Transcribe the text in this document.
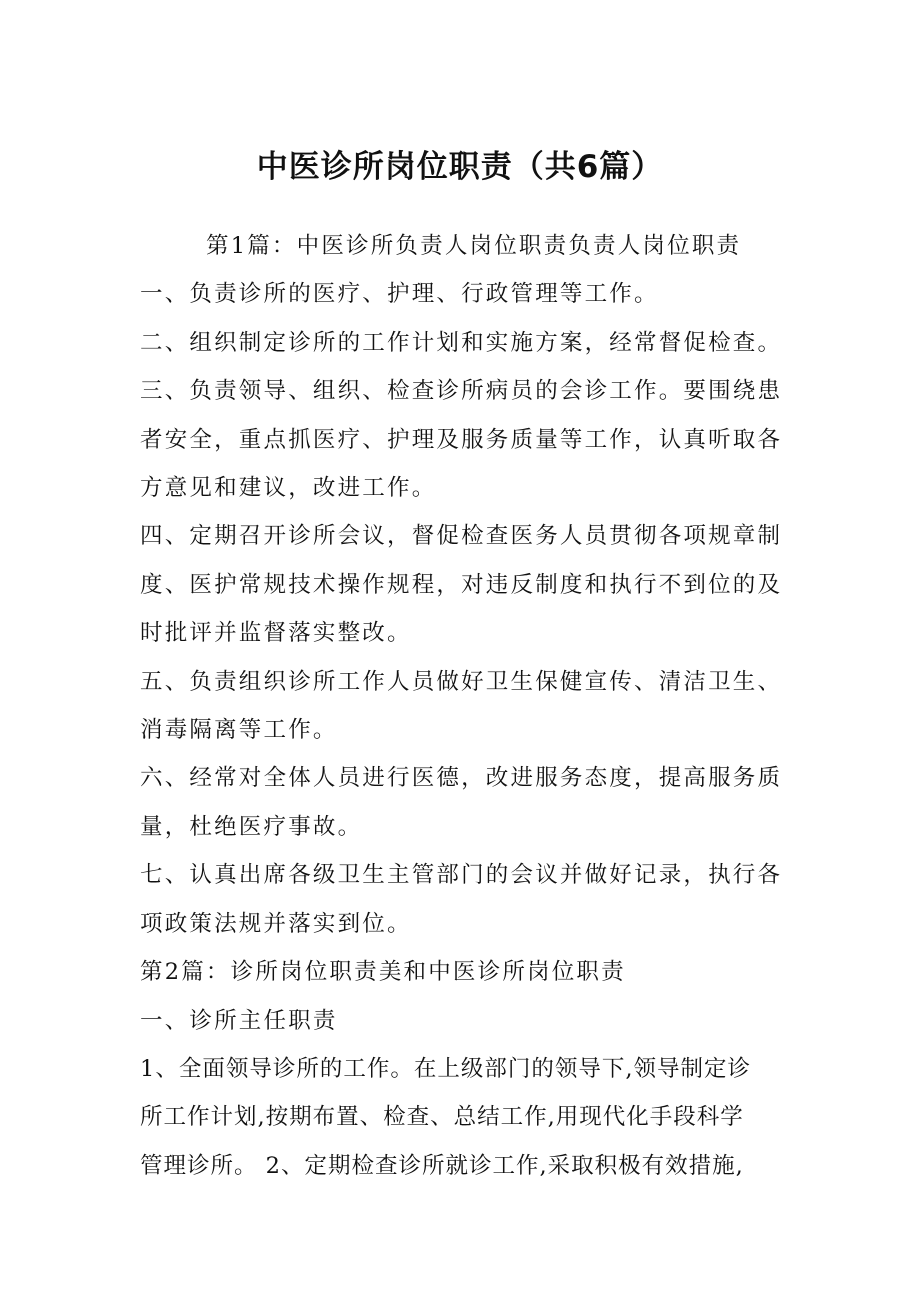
中医诊所岗位职责（共6篇）

第1篇：中医诊所负责人岗位职责负责人岗位职责

一、负责诊所的医疗、护理、行政管理等工作。

二、组织制定诊所的工作计划和实施方案，经常督促检查。

三、负责领导、组织、检查诊所病员的会诊工作。要围绕患

者安全，重点抓医疗、护理及服务质量等工作，认真听取各

方意见和建议，改进工作。

四、定期召开诊所会议，督促检查医务人员贯彻各项规章制

度、医护常规技术操作规程，对违反制度和执行不到位的及

时批评并监督落实整改。

五、负责组织诊所工作人员做好卫生保健宣传、清洁卫生、

消毒隔离等工作。

六、经常对全体人员进行医德，改进服务态度，提高服务质

量，杜绝医疗事故。

七、认真出席各级卫生主管部门的会议并做好记录，执行各

项政策法规并落实到位。

第2篇：诊所岗位职责美和中医诊所岗位职责

一、诊所主任职责

1、全面领导诊所的工作。在上级部门的领导下,领导制定诊

所工作计划,按期布置、检查、总结工作,用现代化手段科学

管理诊所。 2、定期检查诊所就诊工作,采取积极有效措施,
